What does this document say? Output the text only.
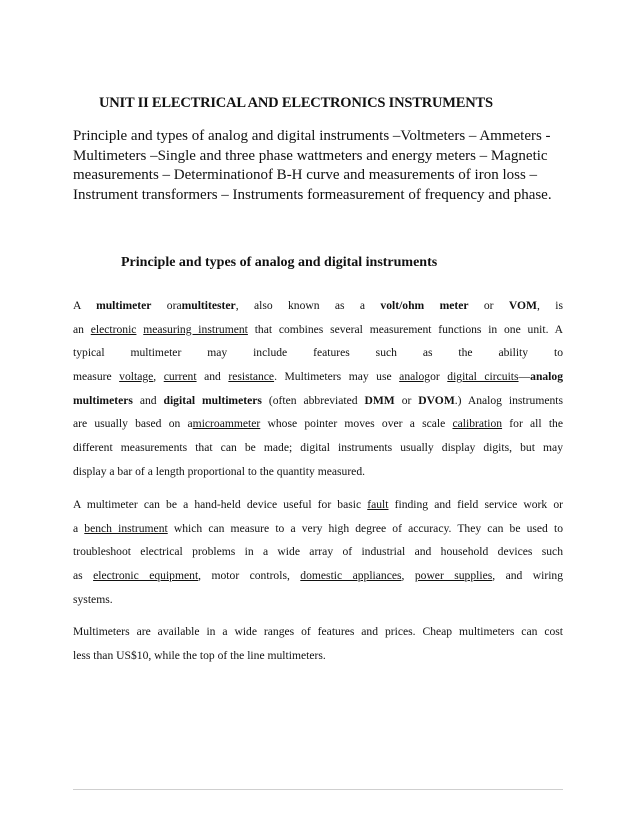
UNIT II ELECTRICAL AND ELECTRONICS INSTRUMENTS

Principle and types of analog and digital instruments –Voltmeters – Ammeters -
Multimeters –Single and three phase wattmeters and energy meters – Magnetic
measurements – Determinationof B-H curve and measurements of iron loss –
Instrument transformers – Instruments formeasurement of frequency and phase.

Principle and types of analog and digital instruments

A multimeter oramultitester, also known as a volt/ohm meter or VOM, is
an electronic measuring instrument that combines several measurement functions in one unit. A
typical multimeter may include features such as the ability to
measure voltage, current and resistance. Multimeters may use analogor digital circuits—analog
multimeters and digital multimeters (often abbreviated DMM or DVOM.) Analog instruments
are usually based on amicroammeter whose pointer moves over a scale calibration for all the
different measurements that can be made; digital instruments usually display digits, but may
display a bar of a length proportional to the quantity measured.

A multimeter can be a hand-held device useful for basic fault finding and field service work or
a bench instrument which can measure to a very high degree of accuracy. They can be used to
troubleshoot electrical problems in a wide array of industrial and household devices such
as electronic equipment, motor controls, domestic appliances, power supplies, and wiring
systems.

Multimeters are available in a wide ranges of features and prices. Cheap multimeters can cost
less than US$10, while the top of the line multimeters.
